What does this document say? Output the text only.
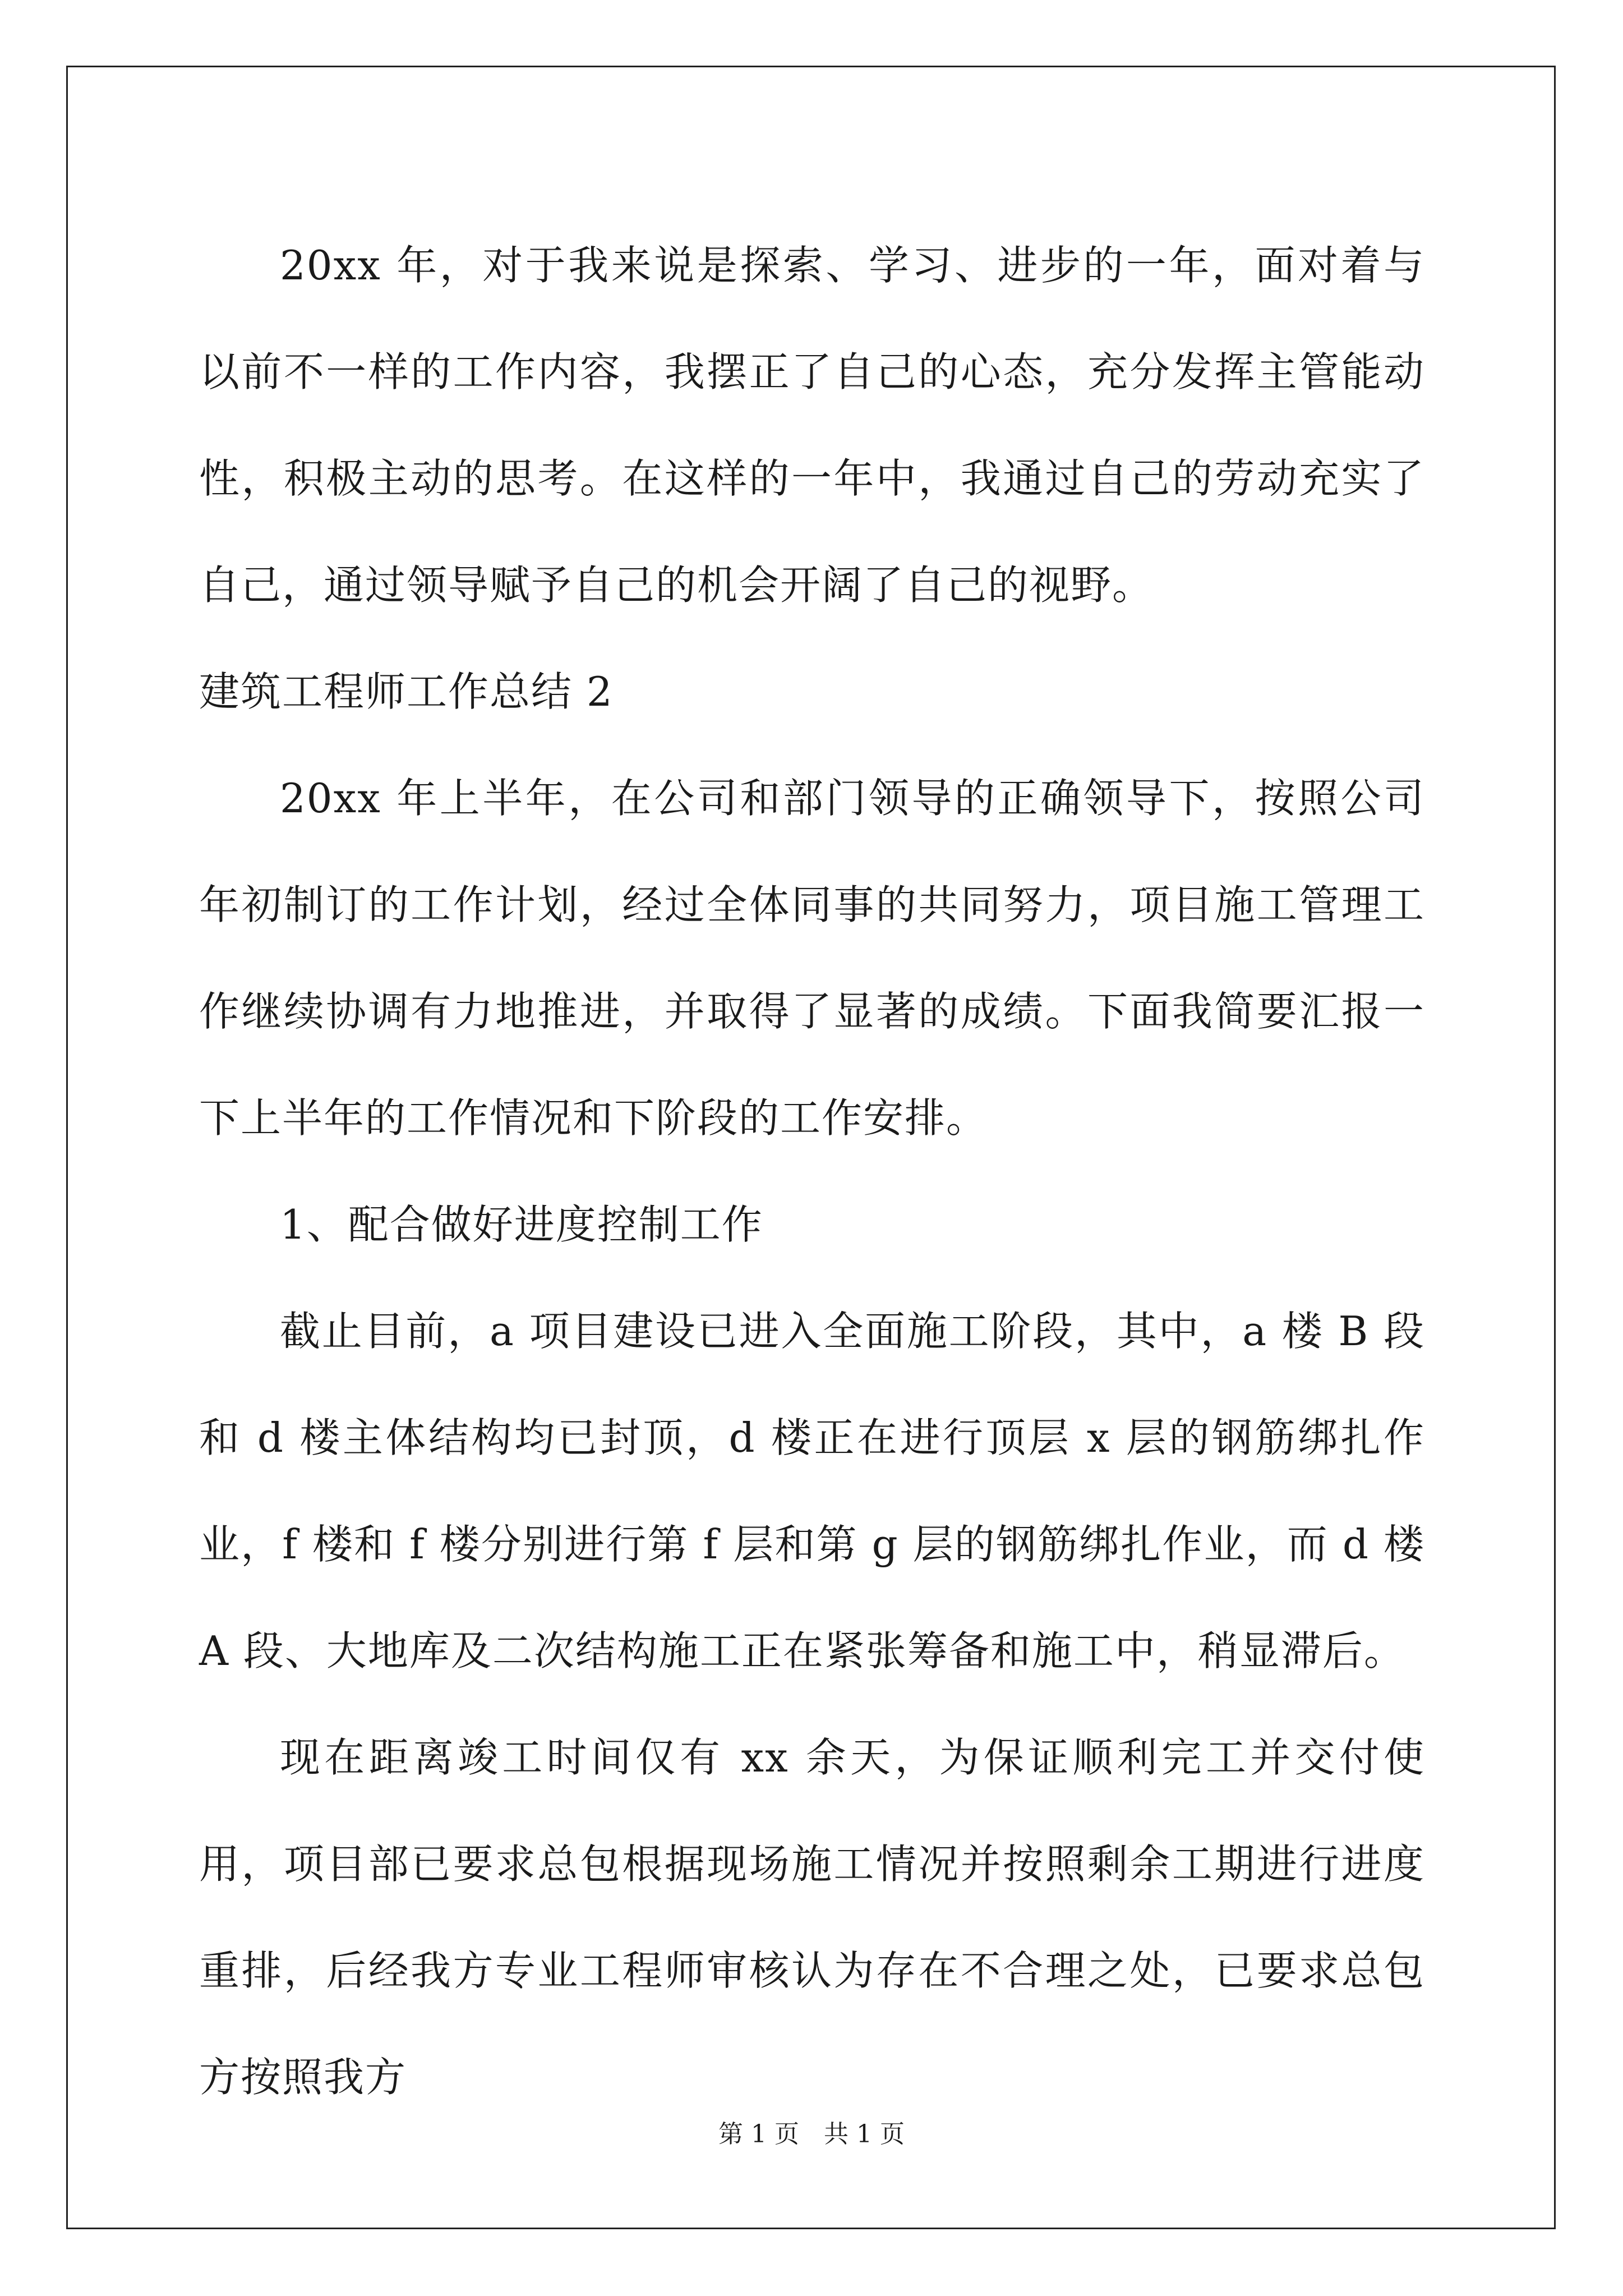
20xx 年，对于我来说是探索、学习、进步的一年，面对着与以前不一样的工作内容，我摆正了自己的心态，充分发挥主管能动性，积极主动的思考。在这样的一年中，我通过自己的劳动充实了自己，通过领导赋予自己的机会开阔了自己的视野。

建筑工程师工作总结 2

20xx 年上半年，在公司和部门领导的正确领导下，按照公司年初制订的工作计划，经过全体同事的共同努力，项目施工管理工作继续协调有力地推进，并取得了显著的成绩。下面我简要汇报一下上半年的工作情况和下阶段的工作安排。

1、配合做好进度控制工作

截止目前，a 项目建设已进入全面施工阶段，其中，a 楼 B 段和 d 楼主体结构均已封顶，d 楼正在进行顶层 x 层的钢筋绑扎作业，f 楼和 f 楼分别进行第 f 层和第 g 层的钢筋绑扎作业，而 d 楼 A 段、大地库及二次结构施工正在紧张筹备和施工中，稍显滞后。

现在距离竣工时间仅有 xx 余天，为保证顺利完工并交付使用，项目部已要求总包根据现场施工情况并按照剩余工期进行进度重排，后经我方专业工程师审核认为存在不合理之处，已要求总包方按照我方

第 1 页　共 1 页
